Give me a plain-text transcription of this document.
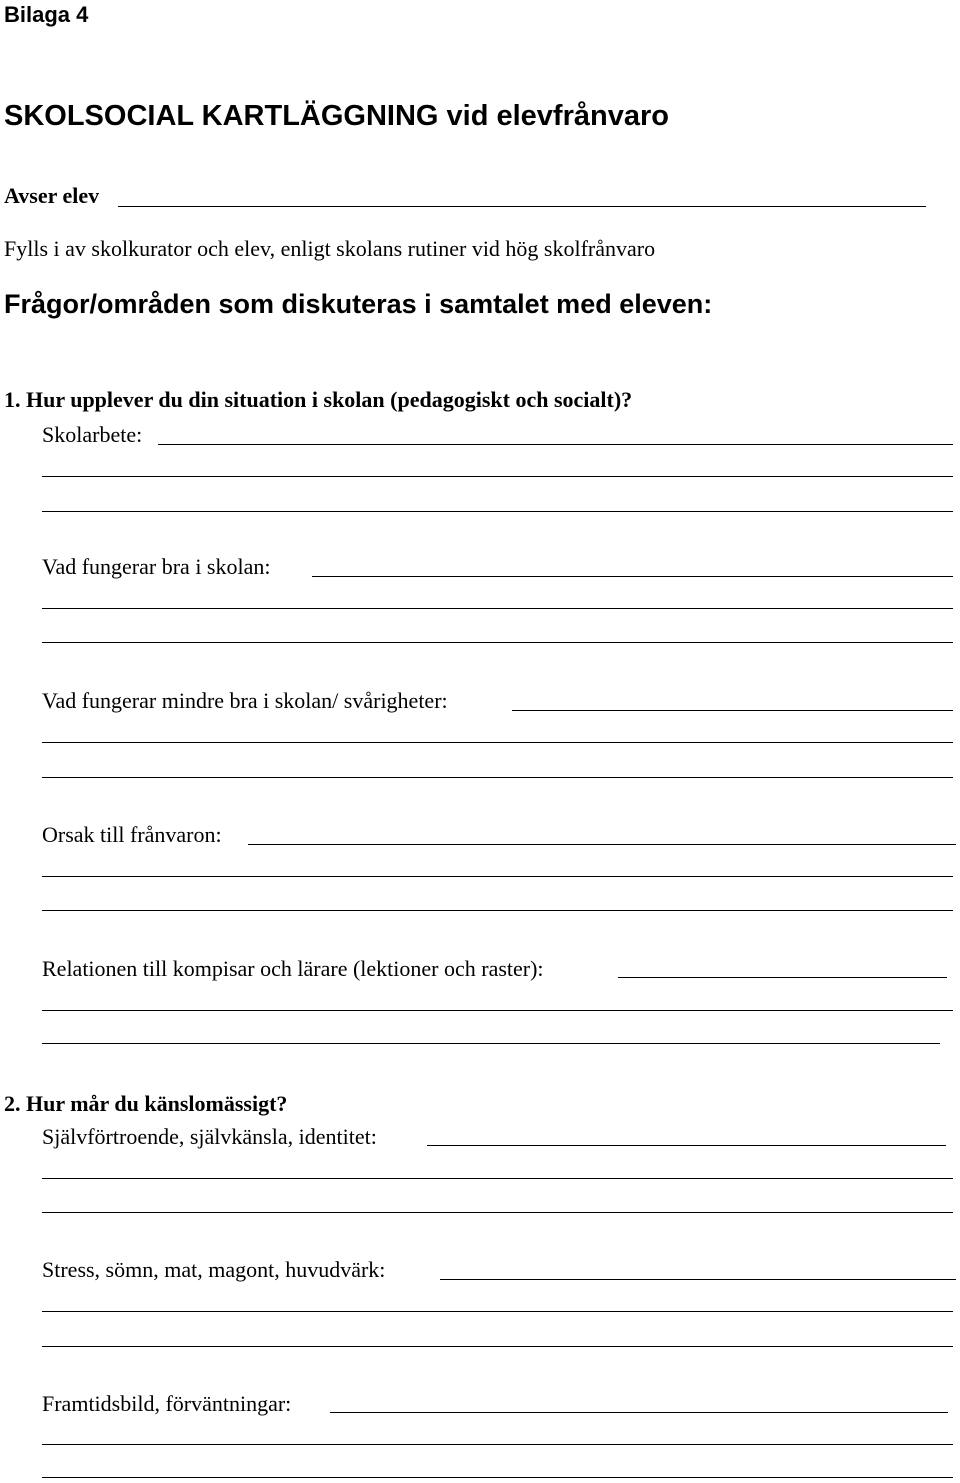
Bilaga 4
SKOLSOCIAL KARTLÄGGNING vid elevfrånvaro
Avser elev
Fylls i av skolkurator och elev, enligt skolans rutiner vid hög skolfrånvaro
Frågor/områden som diskuteras i samtalet med eleven:
1. Hur upplever du din situation i skolan (pedagogiskt och socialt)?
Skolarbete:
Vad fungerar bra i skolan:
Vad fungerar mindre bra i skolan/ svårigheter:
Orsak till frånvaron:
Relationen till kompisar och lärare (lektioner och raster):
2. Hur mår du känslomässigt?
Självförtroende, självkänsla, identitet:
Stress, sömn, mat, magont, huvudvärk:
Framtidsbild, förväntningar:
